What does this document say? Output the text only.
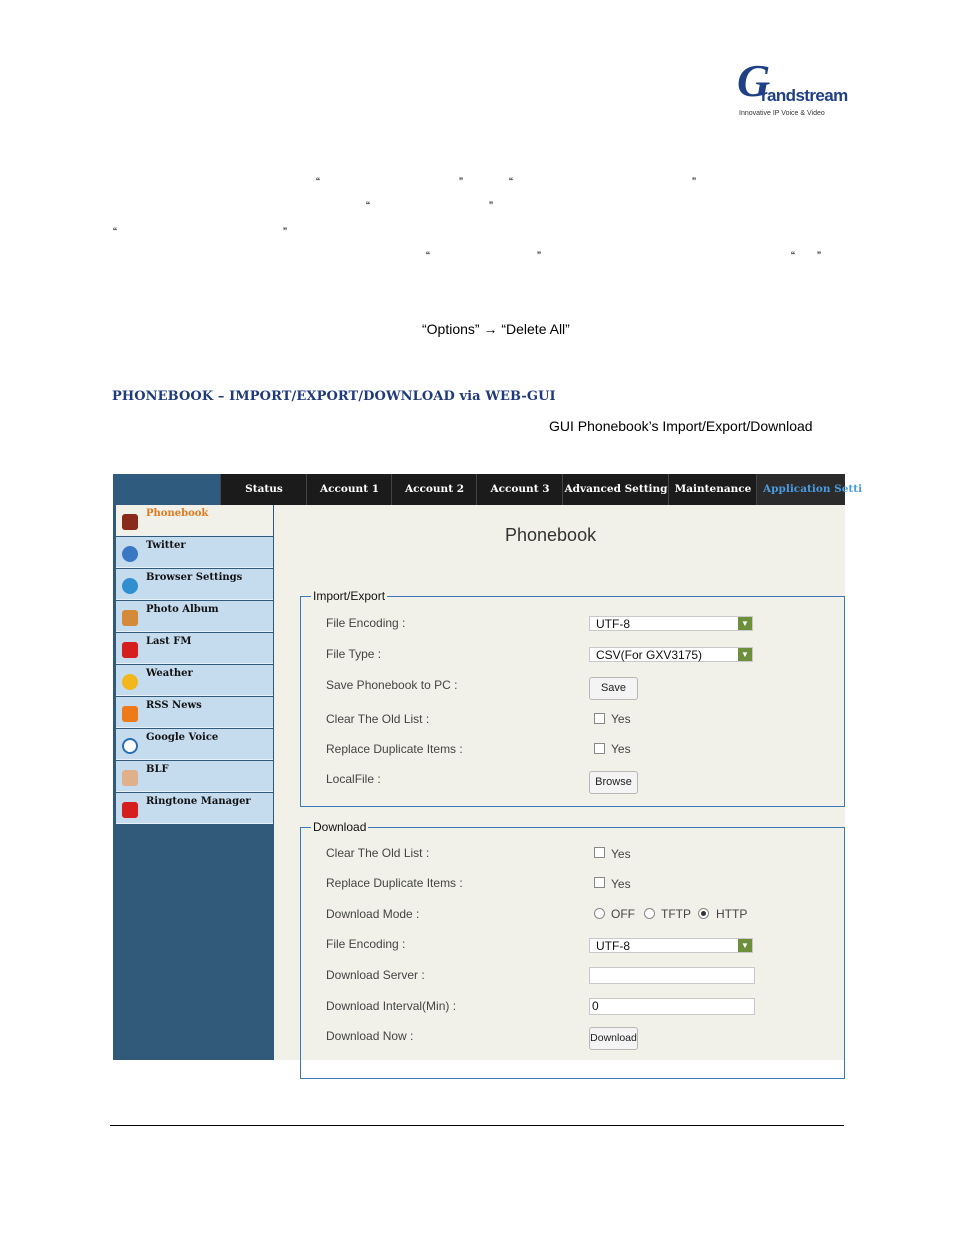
G
randstream
Innovative IP Voice & Video
“	”	“	”
“	”
“	”
“	”	“ ”
“Options” → “Delete All”
PHONEBOOK – IMPORT/EXPORT/DOWNLOAD via WEB-GUI
GUI Phonebook’s Import/Export/Download
Status	Account 1	Account 2	Account 3	Advanced Setting Maintenance	Application Setti
Phonebook
Twitter
Browser Settings
Photo Album
Last FM
Weather
RSS News
Google Voice
BLF
Ringtone Manager
Phonebook
Import/Export
File Encoding :	UTF-8	▼
File Type :	CSV(For GXV3175)	▼
Save Phonebook to PC :	Save
Clear The Old List :	Yes
Replace Duplicate Items :	Yes
LocalFile :	Browse
Download
Clear The Old List :	Yes
Replace Duplicate Items :	Yes
Download Mode :	OFF TFTP HTTP
File Encoding :	UTF-8	▼
Download Server :
Download Interval(Min) :	0
Download Now :	Download
